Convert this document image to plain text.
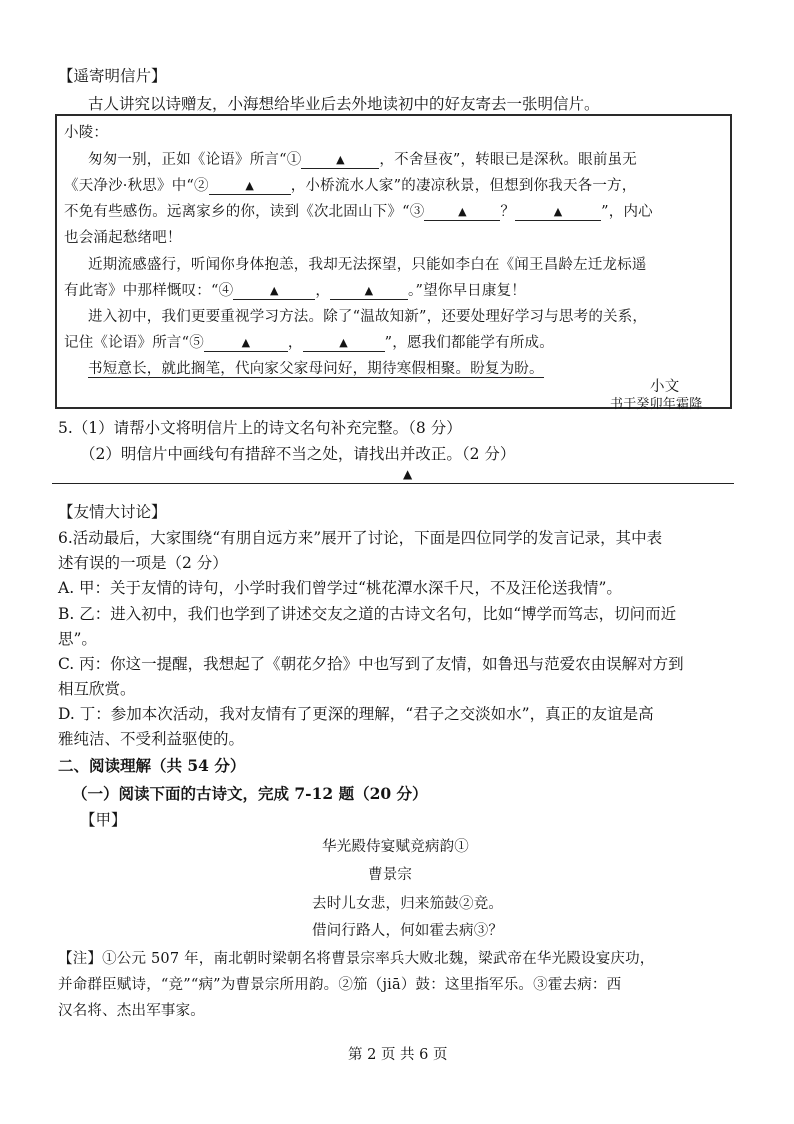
【遥寄明信片】
古人讲究以诗赠友，小海想给毕业后去外地读初中的好友寄去一张明信片。
小陵：
匆匆一别，正如《论语》所言“①	▲ ，不舍昼夜”，转眼已是深秋。眼前虽无
《天净沙·秋思》中“②	▲	，小桥流水人家”的凄凉秋景，但想到你我天各一方，
不免有些感伤。远离家乡的你，读到《次北固山下》“③	▲ ？	▲	”，内心
也会涌起愁绪吧！
近期流感盛行，听闻你身体抱恙，我却无法探望，只能如李白在《闻王昌龄左迁龙标遥
有此寄》中那样慨叹：“④	▲	，	▲ 。”望你早日康复！
进入初中，我们更要重视学习方法。除了“温故知新”，还要处理好学习与思考的关系，
记住《论语》所言“⑤	▲	，	▲	”，愿我们都能学有所成。
书短意长，就此搁笔，代向家父家母问好，期待寒假相聚。盼复为盼。
小文
书于癸卯年霜降
5.（1）请帮小文将明信片上的诗文名句补充完整。（8 分）
（2）明信片中画线句有措辞不当之处，请找出并改正。（2 分）
▲
【友情大讨论】
6.活动最后，大家围绕“有朋自远方来”展开了讨论，下面是四位同学的发言记录，其中表
述有误的一项是（2 分）
A. 甲：关于友情的诗句，小学时我们曾学过“桃花潭水深千尺，不及汪伦送我情”。
B. 乙：进入初中，我们也学到了讲述交友之道的古诗文名句，比如“博学而笃志，切问而近
思”。
C. 丙：你这一提醒，我想起了《朝花夕拾》中也写到了友情，如鲁迅与范爱农由误解对方到
相互欣赏。
D. 丁：参加本次活动，我对友情有了更深的理解，“君子之交淡如水”，真正的友谊是高
雅纯洁、不受利益驱使的。
二、阅读理解（共 54 分）
（一）阅读下面的古诗文，完成 7-12 题（20 分）
【甲】
华光殿侍宴赋竞病韵①
曹景宗
去时儿女悲，归来笳鼓②竞。
借问行路人，何如霍去病③？
【注】①公元 507 年，南北朝时梁朝名将曹景宗率兵大败北魏，梁武帝在华光殿设宴庆功，
并命群臣赋诗，“竞”“病”为曹景宗所用韵。②笳（jiā）鼓：这里指军乐。③霍去病：西
汉名将、杰出军事家。
第 2 页 共 6 页
